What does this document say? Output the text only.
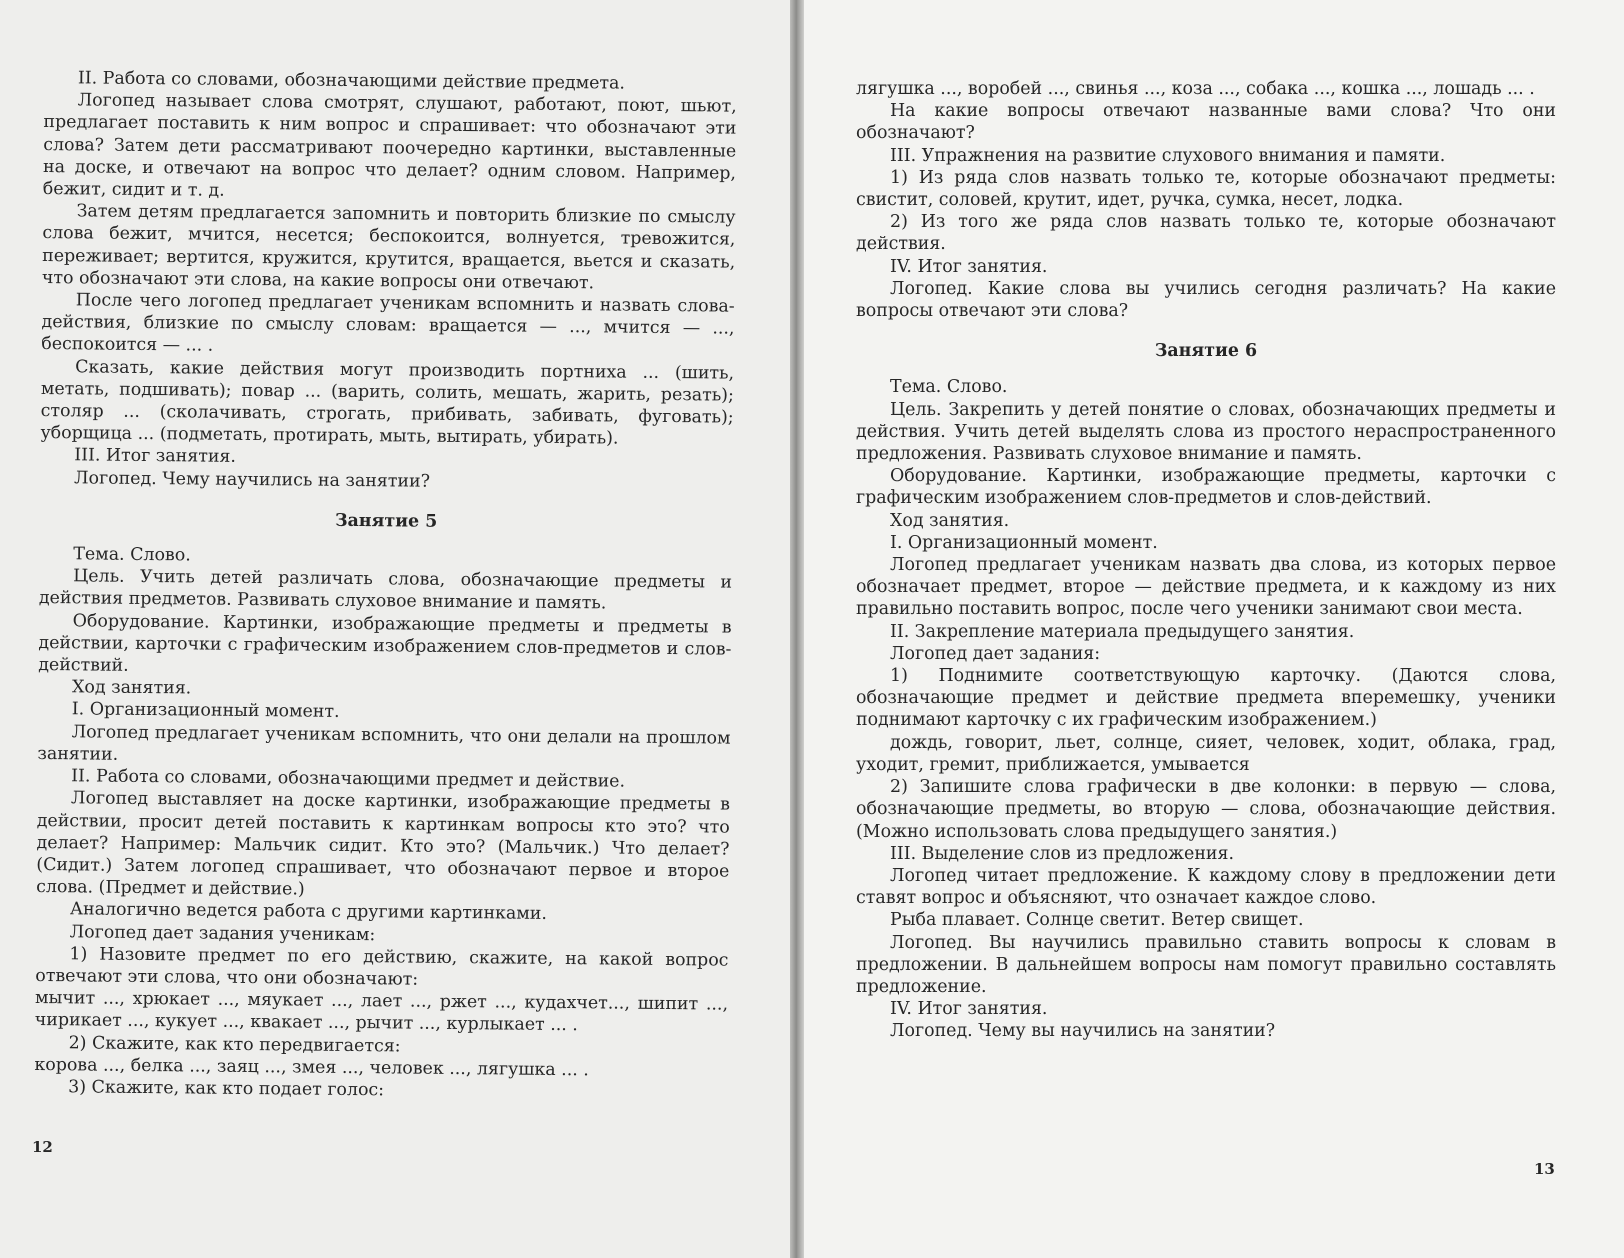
II. Работа со словами, обозначающими действие предмета.

Логопед называет слова смотрят, слушают, работают, поют, шьют, предлагает поставить к ним вопрос и спрашивает: что обозначают эти слова? Затем дети рассматривают поочередно картинки, выставленные на доске, и отвечают на вопрос что делает? одним словом. Например, бежит, сидит и т. д.

Затем детям предлагается запомнить и повторить близкие по смыслу слова бежит, мчится, несется; беспокоится, волнуется, тревожится, переживает; вертится, кружится, крутится, вращается, вьется и сказать, что обозначают эти слова, на какие вопросы они отвечают.

После чего логопед предлагает ученикам вспомнить и назвать слова-действия, близкие по смыслу словам: вращается — ..., мчится — ..., беспокоится — ... .

Сказать, какие действия могут производить портниха ... (шить, метать, подшивать); повар ... (варить, солить, мешать, жарить, резать); столяр ... (сколачивать, строгать, прибивать, забивать, фуговать); уборщица ... (подметать, протирать, мыть, вытирать, убирать).

III. Итог занятия.

Логопед. Чему научились на занятии?

Занятие 5

Тема. Слово.

Цель. Учить детей различать слова, обозначающие предметы и действия предметов. Развивать слуховое внимание и память.

Оборудование. Картинки, изображающие предметы и предметы в действии, карточки с графическим изображением слов-предметов и слов-действий.

Ход занятия.

I. Организационный момент.

Логопед предлагает ученикам вспомнить, что они делали на прошлом занятии.

II. Работа со словами, обозначающими предмет и действие.

Логопед выставляет на доске картинки, изображающие предметы в действии, просит детей поставить к картинкам вопросы кто это? что делает? Например: Мальчик сидит. Кто это? (Мальчик.) Что делает? (Сидит.) Затем логопед спрашивает, что обозначают первое и второе слова. (Предмет и действие.)

Аналогично ведется работа с другими картинками.

Логопед дает задания ученикам:

1) Назовите предмет по его действию, скажите, на какой вопрос отвечают эти слова, что они обозначают:

мычит ..., хрюкает ..., мяукает ..., лает ..., ржет ..., кудахчет..., шипит ..., чирикает ..., кукует ..., квакает ..., рычит ..., курлыкает ... .

2) Скажите, как кто передвигается:

корова ..., белка ..., заяц ..., змея ..., человек ..., лягушка ... .

3) Скажите, как кто подает голос:

12

лягушка ..., воробей ..., свинья ..., коза ..., собака ..., кошка ..., лошадь ... .

На какие вопросы отвечают названные вами слова? Что они обозначают?

III. Упражнения на развитие слухового внимания и памяти.

1) Из ряда слов назвать только те, которые обозначают предметы: свистит, соловей, крутит, идет, ручка, сумка, несет, лодка.

2) Из того же ряда слов назвать только те, которые обозначают действия.

IV. Итог занятия.

Логопед. Какие слова вы учились сегодня различать? На какие вопросы отвечают эти слова?

Занятие 6

Тема. Слово.

Цель. Закрепить у детей понятие о словах, обозначающих предметы и действия. Учить детей выделять слова из простого нераспространенного предложения. Развивать слуховое внимание и память.

Оборудование. Картинки, изображающие предметы, карточки с графическим изображением слов-предметов и слов-действий.

Ход занятия.

I. Организационный момент.

Логопед предлагает ученикам назвать два слова, из которых первое обозначает предмет, второе — действие предмета, и к каждому из них правильно поставить вопрос, после чего ученики занимают свои места.

II. Закрепление материала предыдущего занятия.

Логопед дает задания:

1) Поднимите соответствующую карточку. (Даются слова, обозначающие предмет и действие предмета вперемешку, ученики поднимают карточку с их графическим изображением.)

дождь, говорит, льет, солнце, сияет, человек, ходит, облака, град, уходит, гремит, приближается, умывается

2) Запишите слова графически в две колонки: в первую — слова, обозначающие предметы, во вторую — слова, обозначающие действия. (Можно использовать слова предыдущего занятия.)

III. Выделение слов из предложения.

Логопед читает предложение. К каждому слову в предложении дети ставят вопрос и объясняют, что означает каждое слово.

Рыба плавает. Солнце светит. Ветер свищет.

Логопед. Вы научились правильно ставить вопросы к словам в предложении. В дальнейшем вопросы нам помогут правильно составлять предложение.

IV. Итог занятия.

Логопед. Чему вы научились на занятии?

13
